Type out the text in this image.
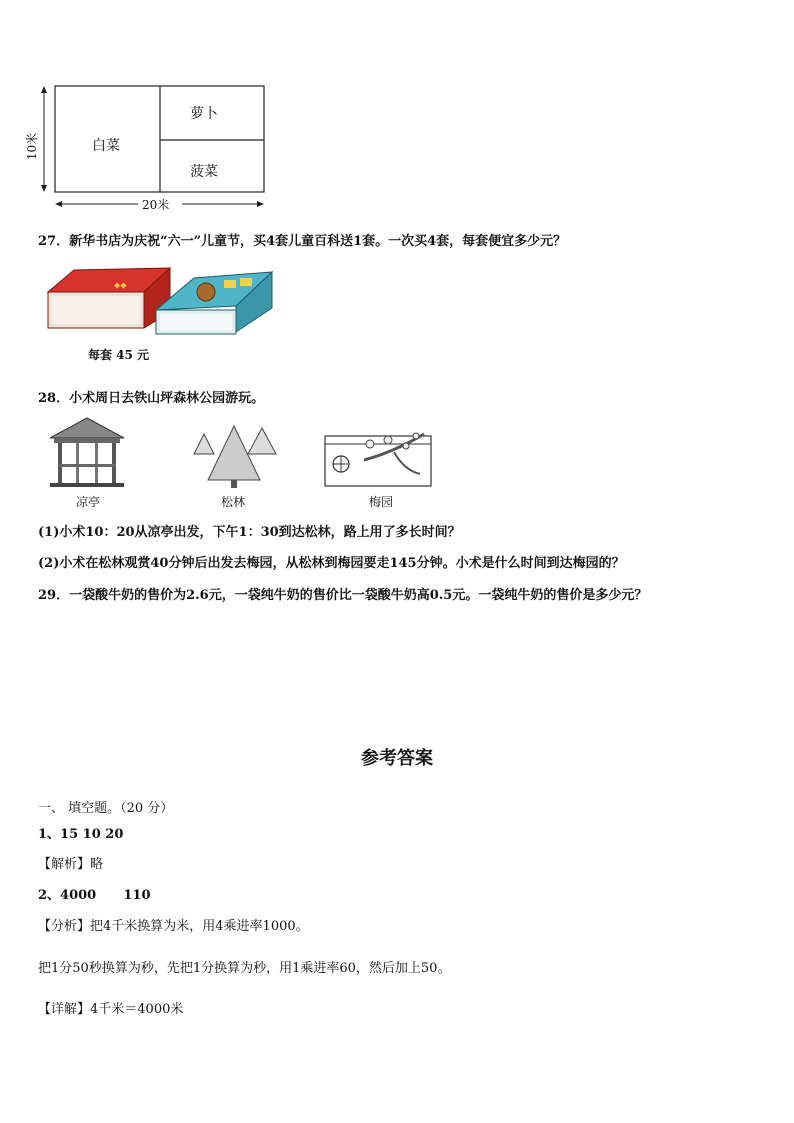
白菜
萝卜
菠菜
20米
10米
27．新华书店为庆祝“六一”儿童节，买4套儿童百科送1套。一次买4套，每套便宜多少元？
⬥⬥
每套 45 元
28．小术周日去铁山坪森林公园游玩。
凉亭	松林	梅园
(1)小术10：20从凉亭出发，下午1：30到达松林，路上用了多长时间？
(2)小术在松林观赏40分钟后出发去梅园，从松林到梅园要走145分钟。小术是什么时间到达梅园的？
29．一袋酸牛奶的售价为2.6元，一袋纯牛奶的售价比一袋酸牛奶高0.5元。一袋纯牛奶的售价是多少元？
参考答案
一、 填空题。（20 分）
1、15 10 20
【解析】略
2、4000      110
【分析】把4千米换算为米，用4乘进率1000。
把1分50秒换算为秒，先把1分换算为秒，用1乘进率60，然后加上50。
【详解】4千米＝4000米
